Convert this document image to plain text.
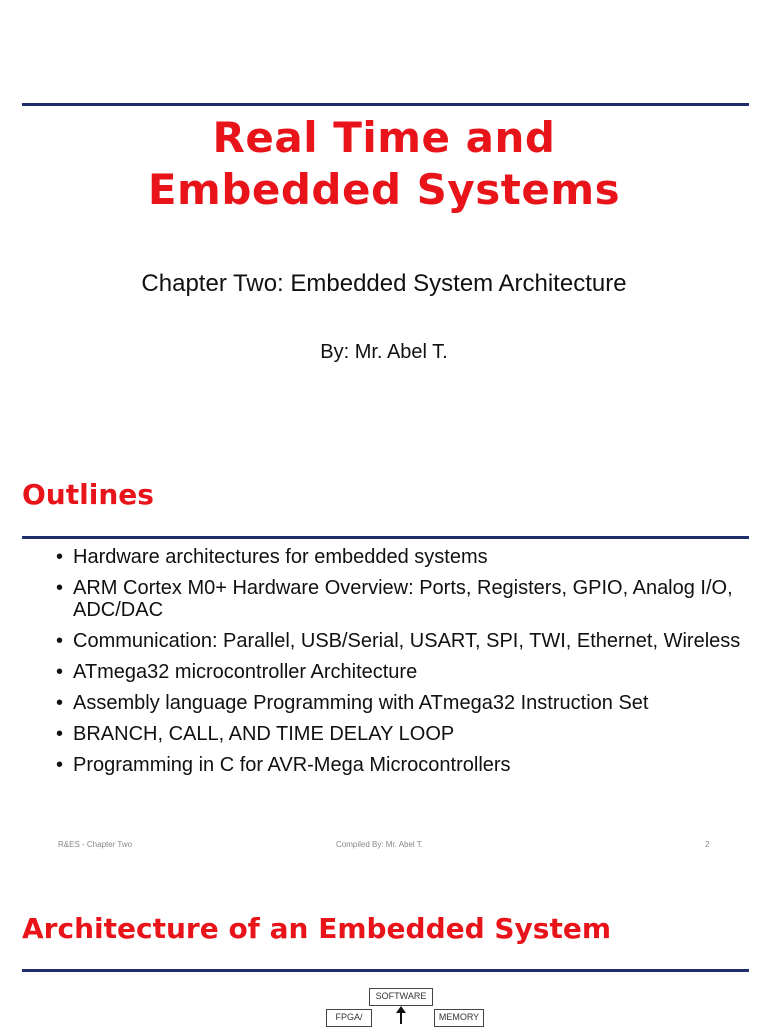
Real Time and
Embedded Systems
Chapter Two: Embedded System Architecture
By: Mr. Abel T.
Outlines
• Hardware architectures for embedded systems
• ARM Cortex M0+ Hardware Overview: Ports, Registers, GPIO, Analog I/O, ADC/DAC
• Communication: Parallel, USB/Serial, USART, SPI, TWI, Ethernet, Wireless
• ATmega32 microcontroller Architecture
• Assembly language Programming with ATmega32 Instruction Set
• BRANCH, CALL, AND TIME DELAY LOOP
• Programming in C for AVR-Mega Microcontrollers
R&ES - Chapter Two	Compiled By: Mr. Abel T.	2
Architecture of an Embedded System
SOFTWARE
FPGA/	MEMORY
